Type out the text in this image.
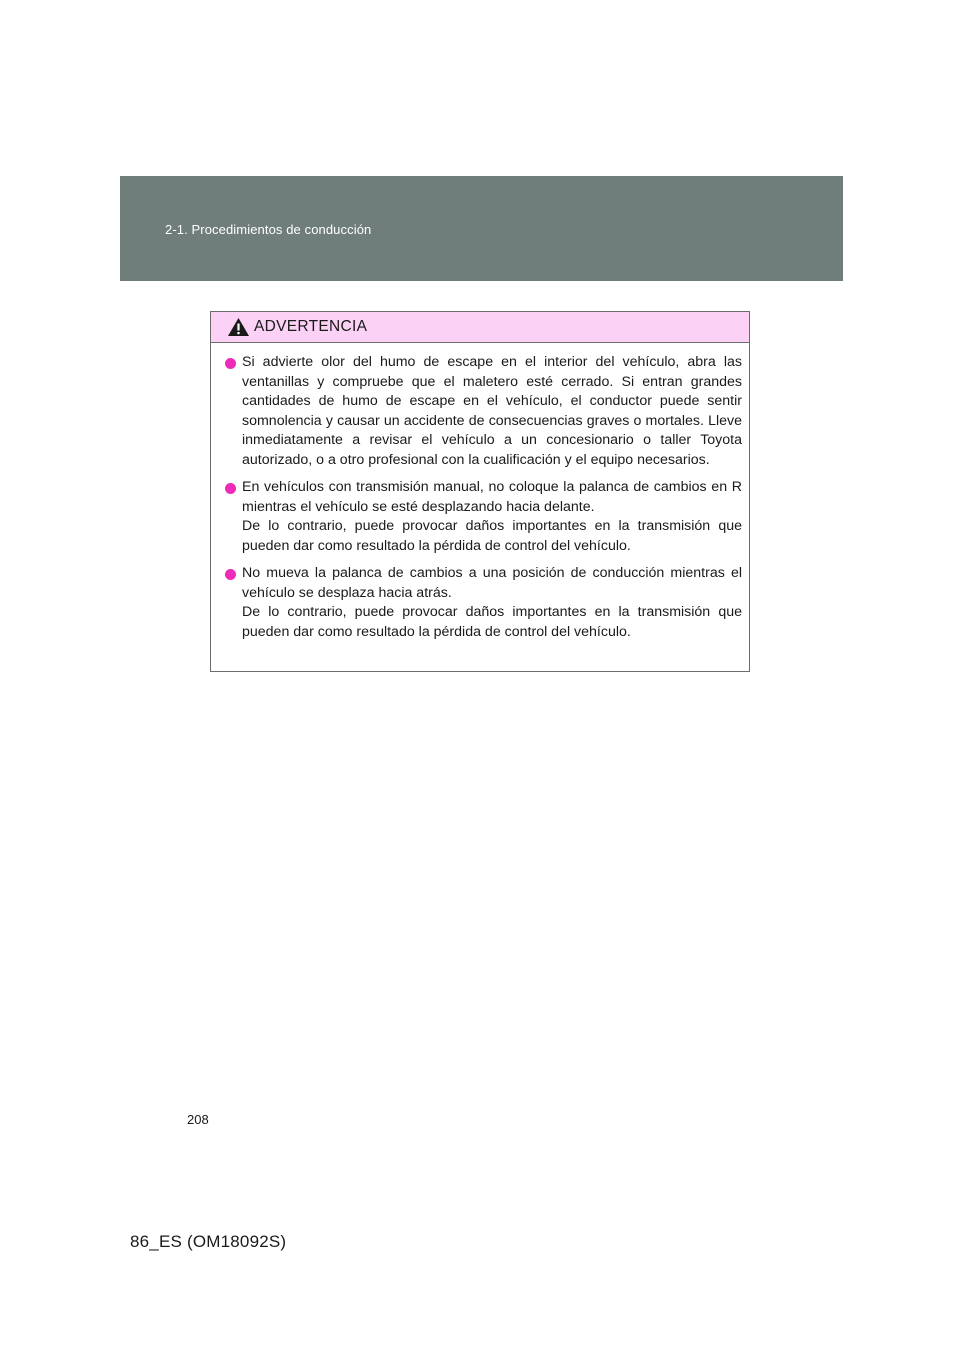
2-1. Procedimientos de conducción
ADVERTENCIA

Si advierte olor del humo de escape en el interior del vehículo, abra las ventanillas y compruebe que el maletero esté cerrado. Si entran grandes cantidades de humo de escape en el vehículo, el conductor puede sentir somnolencia y causar un accidente de consecuencias graves o mortales. Lleve inmediatamente a revisar el vehículo a un concesionario o taller Toyota autorizado, o a otro profesional con la cualificación y el equipo necesarios.

En vehículos con transmisión manual, no coloque la palanca de cambios en R mientras el vehículo se esté desplazando hacia delante.

De lo contrario, puede provocar daños importantes en la transmisión que pueden dar como resultado la pérdida de control del vehículo.

No mueva la palanca de cambios a una posición de conducción mientras el vehículo se desplaza hacia atrás.

De lo contrario, puede provocar daños importantes en la transmisión que pueden dar como resultado la pérdida de control del vehículo.

208
86_ES (OM18092S)
